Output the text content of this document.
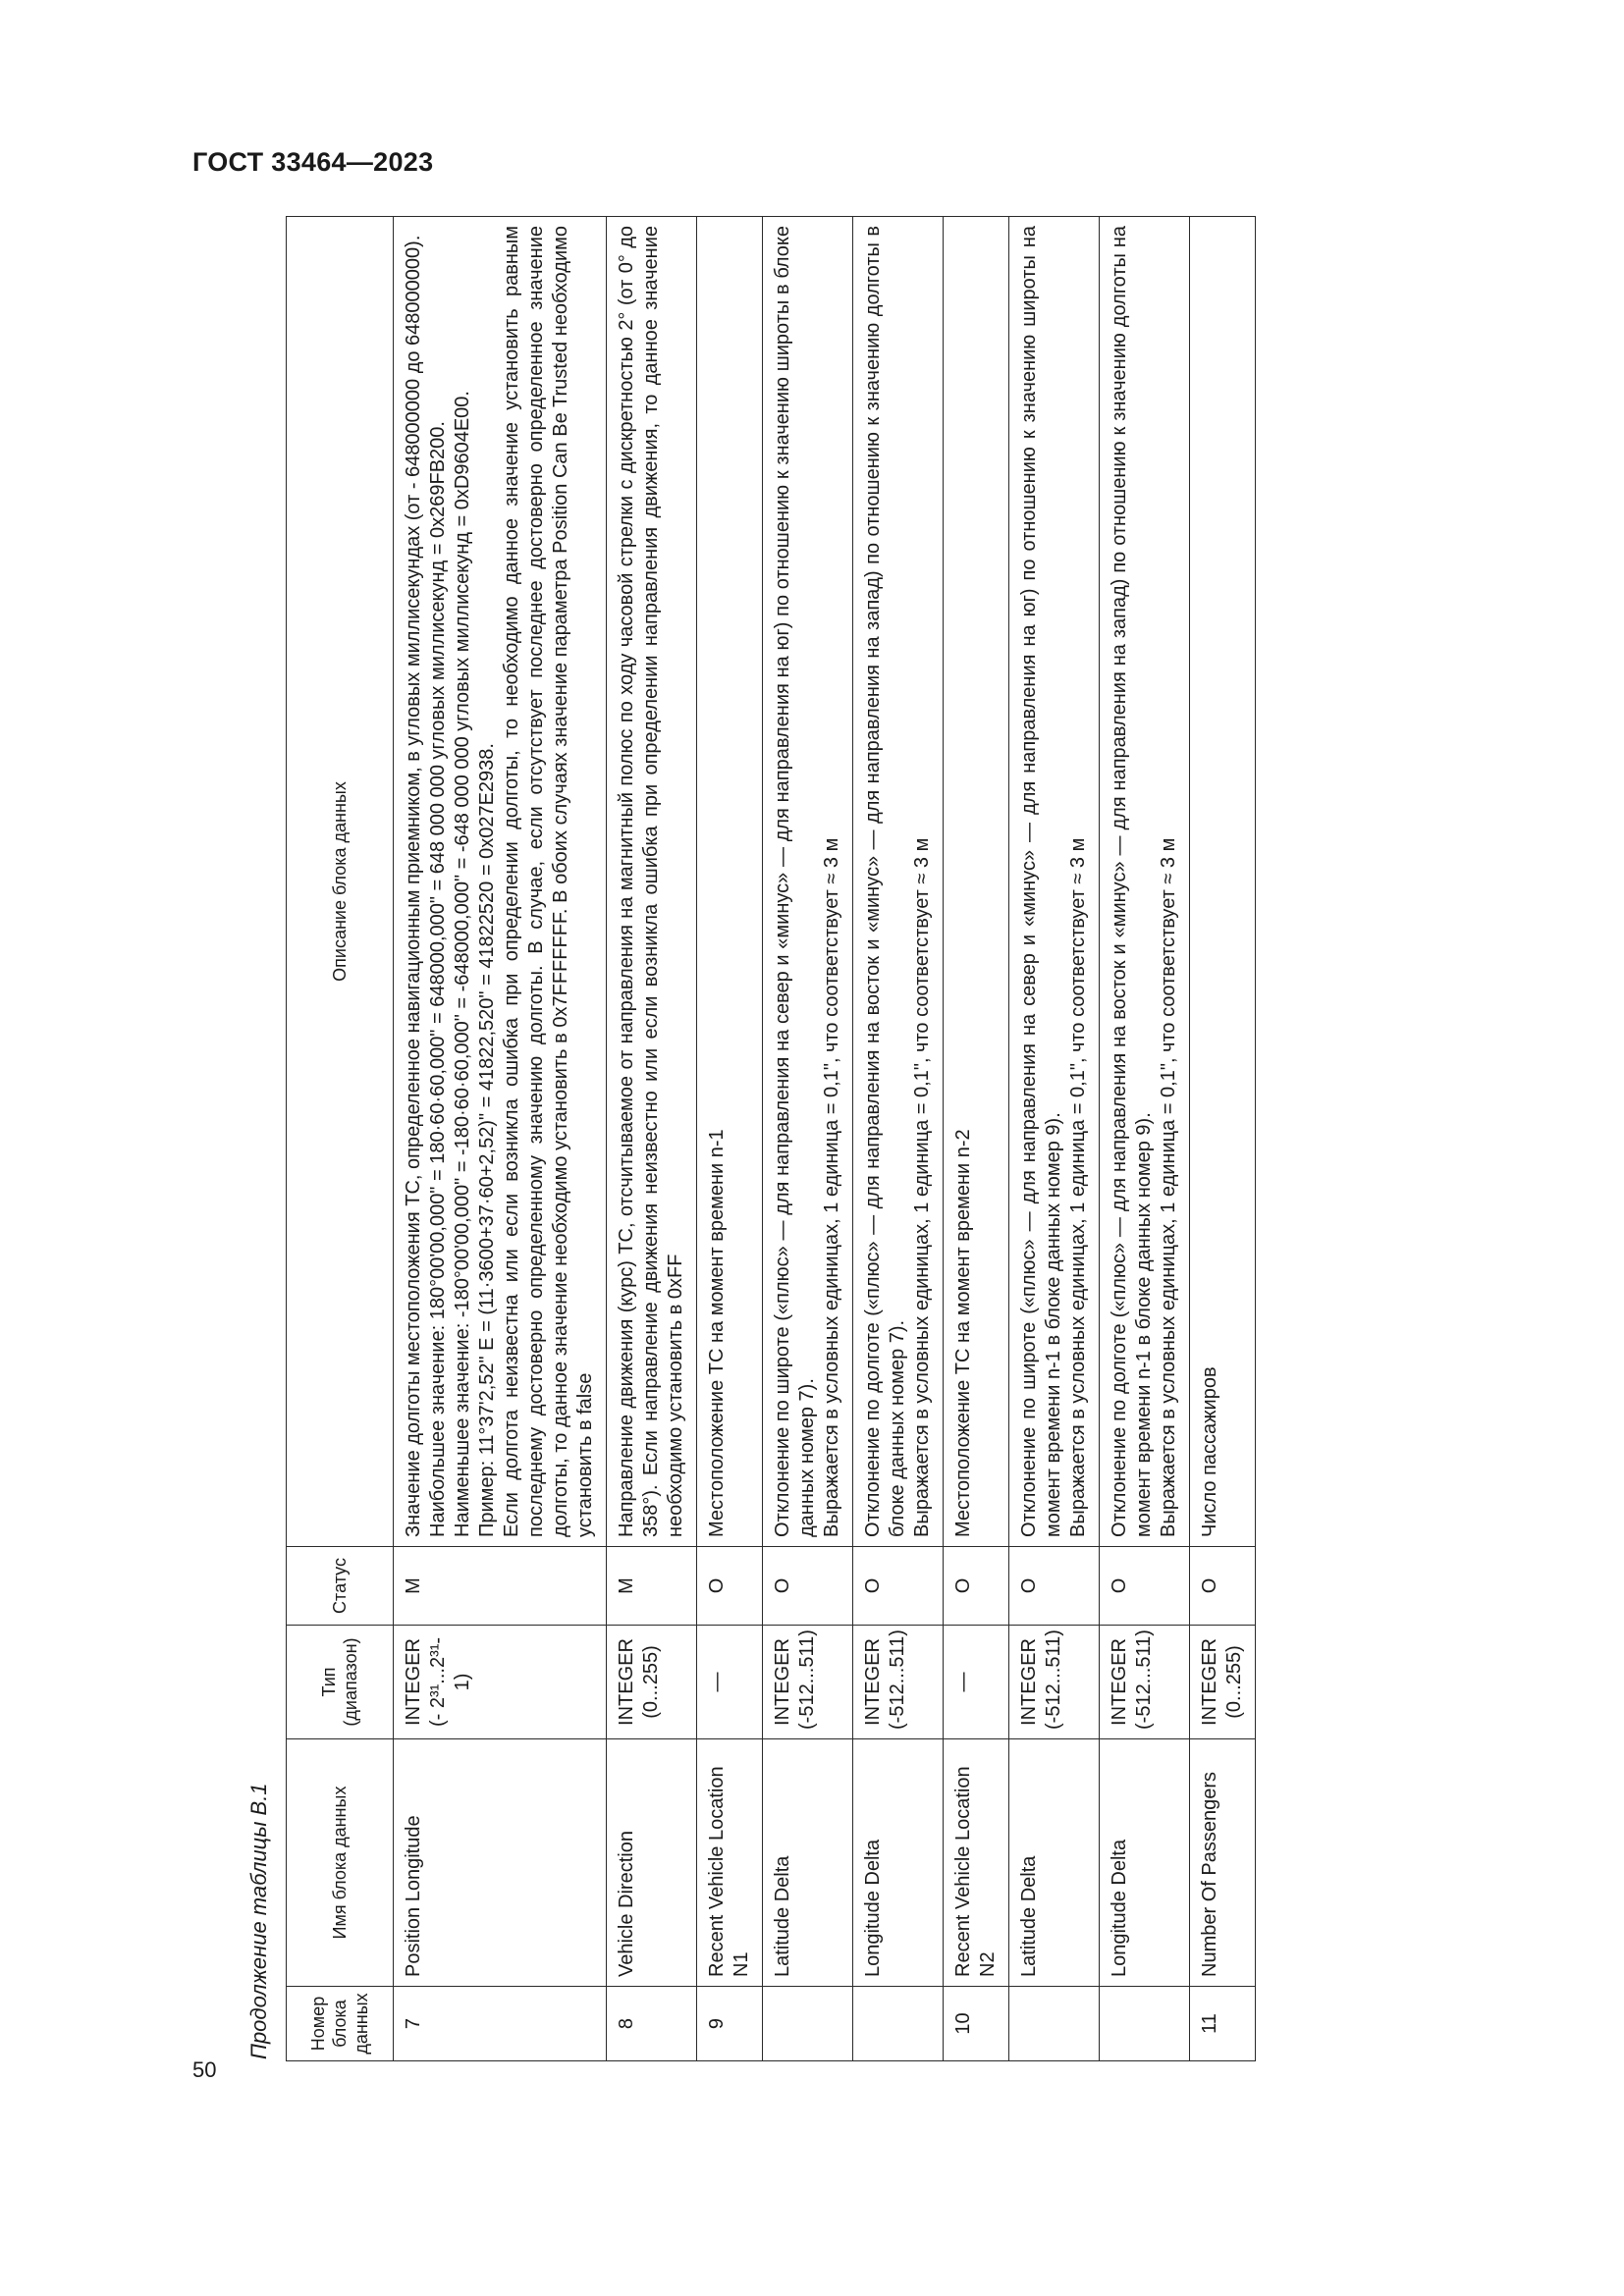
ГОСТ 33464—2023
50
Продолжение таблицы В.1	Номер блока данных	Имя блока данных	Тип (диапазон)	Статус	Описание блока данных
7	Position Longitude	INTEGER (- 2³¹...2³¹- 1)	M	Значение долготы местоположения ТС, определенное навигационным приемником, в угловых миллисекундах (от - 648000000 до 648000000). Наибольшее значение: 180°00'00,000" = 180·60·60,000" = 648000,000" = 648 000 000 угловых миллисекунд = 0x269FB200. Наименьшее значение: -180°00'00,000" = -180·60·60,000" = -648000,000" = -648 000 000 угловых миллисекунд = 0xD9604E00. Пример: 11°37'2,52" E = (11·3600+37·60+2,52)" = 41822,520" = 41822520 = 0x027E2938. Если долгота неизвестна или если возникла ошибка при определении долготы, то необходимо данное значение установить равным последнему достоверно определенному значению долготы. В случае, если отсутствует последнее достоверно определенное значение долготы, то данное значение необходимо установить в 0x7FFFFFFF. В обоих случаях значение параметра Position Can Be Trusted необходимо установить в false

8	Vehicle Direction	INTEGER (0...255)	M	Направление движения (курс) ТС, отсчитываемое от направления на магнитный полюс по ходу часовой стрелки с дискретностью 2° (от 0° до 358°). Если направление движения неизвестно или если возникла ошибка при определении направления движения, то данное значение необходимо установить в 0xFF

9	Recent Vehicle Location N1	—	O	Местоположение ТС на момент времени n-1

	Latitude Delta	INTEGER (-512...511)	O	Отклонение по широте («плюс» — для направления на север и «минус» — для направления на юг) по отношению к значению широты в блоке данных номер 7). Выражается в условных единицах, 1 единица = 0,1", что соответствует ≈ 3 м

	Longitude Delta	INTEGER (-512...511)	O	Отклонение по долготе («плюс» — для направления на восток и «минус» — для направления на запад) по отношению к значению долготы в блоке данных номер 7). Выражается в условных единицах, 1 единица = 0,1", что соответствует ≈ 3 м

10	Recent Vehicle Location N2	—	O	Местоположение ТС на момент времени n-2

	Latitude Delta	INTEGER (-512...511)	O	Отклонение по широте («плюс» — для направления на север и «минус» — для направления на юг) по отношению к значению широты на момент времени n-1 в блоке данных номер 9). Выражается в условных единицах, 1 единица = 0,1", что соответствует ≈ 3 м

	Longitude Delta	INTEGER (-512...511)	O	Отклонение по долготе («плюс» — для направления на восток и «минус» — для направления на запад) по отношению к значению долготы на момент времени n-1 в блоке данных номер 9). Выражается в условных единицах, 1 единица = 0,1", что соответствует ≈ 3 м

11	Number Of Passengers	INTEGER (0...255)	O	Число пассажиров
